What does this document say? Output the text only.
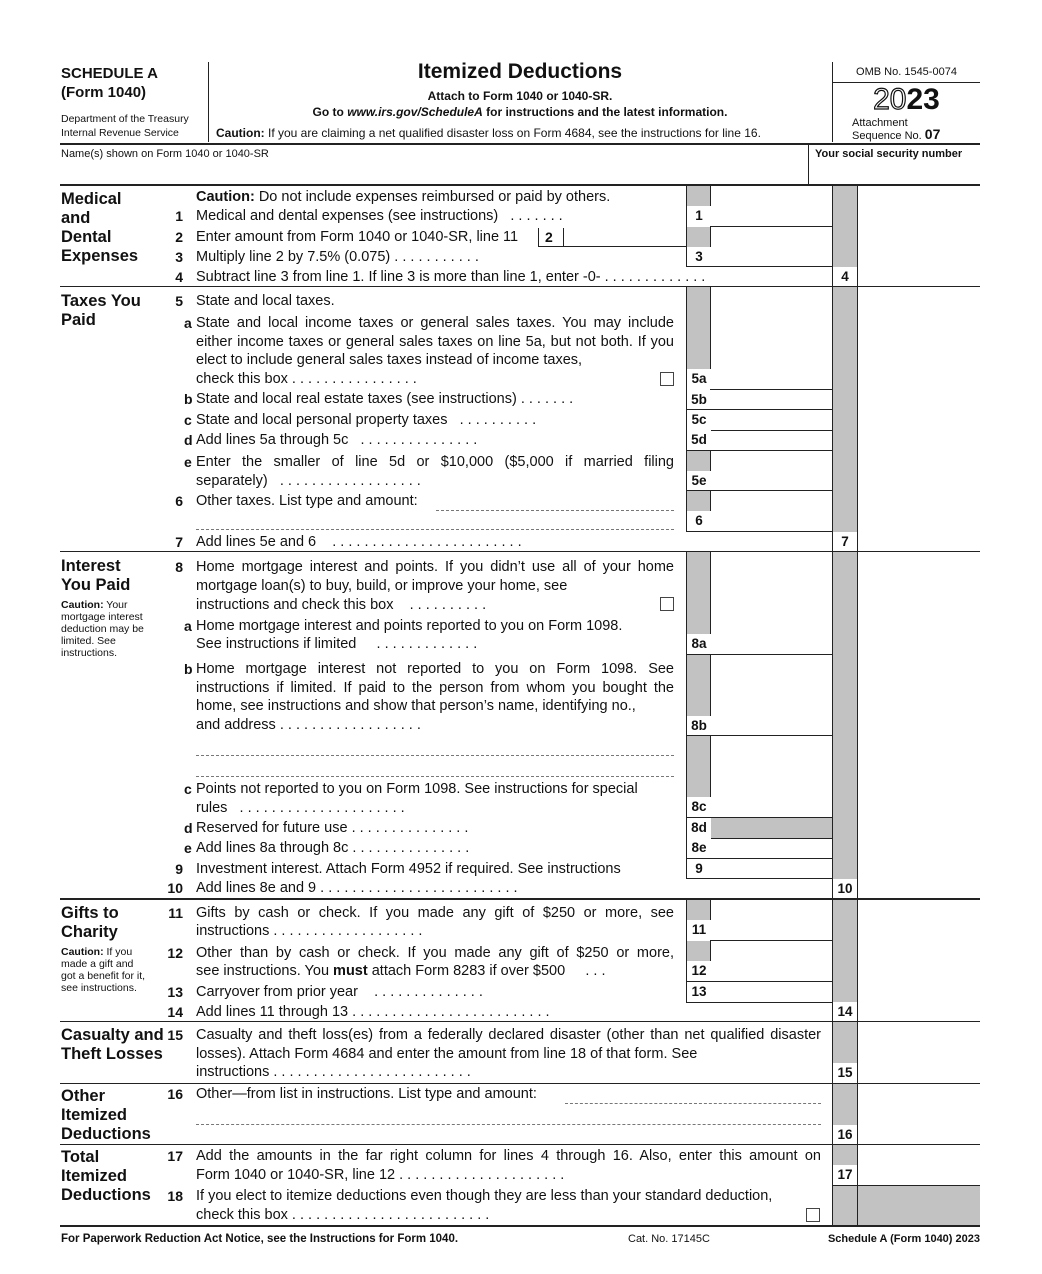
SCHEDULE A
(Form 1040)
Department of the Treasury
Internal Revenue Service
Itemized Deductions
Attach to Form 1040 or 1040-SR.
Go to www.irs.gov/ScheduleA for instructions and the latest information.
Caution: If you are claiming a net qualified disaster loss on Form 4684, see the instructions for line 16.
OMB No. 1545-0074
2023
Attachment
Sequence No. 07
Name(s) shown on Form 1040 or 1040-SR	Your social security number
Medical
and
Dental
Expenses
Caution: Do not include expenses reimbursed or paid by others.
1 Medical and dental expenses (see instructions) . . . . . . .	1
2 Enter amount from Form 1040 or 1040-SR, line 11 2
3 Multiply line 2 by 7.5% (0.075) . . . . . . . . . . .	3
4 Subtract line 3 from line 1. If line 3 is more than line 1, enter -0- . . . . . . . . . . . . .	4
Taxes You
Paid
5 State and local taxes.
a State and local income taxes or general sales taxes. You may include either income taxes or general sales taxes on line 5a, but not both. If you elect to include general sales taxes instead of income taxes,
check this box . . . . . . . . . . . . . . . .	5a
b State and local real estate taxes (see instructions) . . . . . . .	5b
c State and local personal property taxes . . . . . . . . . .	5c
d Add lines 5a through 5c . . . . . . . . . . . . . . .	5d
e Enter the smaller of line 5d or $10,000 ($5,000 if married filing
separately) . . . . . . . . . . . . . . . . . .	5e
6 Other taxes. List type and amount:
6
7 Add lines 5e and 6 . . . . . . . . . . . . . . . . . . . . . . . .	7
Interest
You Paid
Caution: Your
mortgage interest
deduction may be
limited. See
instructions.
8 Home mortgage interest and points. If you didn’t use all of your home mortgage loan(s) to buy, build, or improve your home, see
instructions and check this box . . . . . . . . . .
a Home mortgage interest and points reported to you on Form 1098.
See instructions if limited . . . . . . . . . . . . .	8a
b Home mortgage interest not reported to you on Form 1098. See instructions if limited. If paid to the person from whom you bought the home, see instructions and show that person’s name, identifying no.,
and address . . . . . . . . . . . . . . . . . .	8b
c Points not reported to you on Form 1098. See instructions for special
rules . . . . . . . . . . . . . . . . . . . . .	8c
d Reserved for future use . . . . . . . . . . . . . . .	8d
e Add lines 8a through 8c . . . . . . . . . . . . . . .	8e
9 Investment interest. Attach Form 4952 if required. See instructions	9
10 Add lines 8e and 9 . . . . . . . . . . . . . . . . . . . . . . . . .	10
Gifts to
Charity
Caution: If you
made a gift and
got a benefit for it,
see instructions.
11 Gifts by cash or check. If you made any gift of $250 or more, see
instructions . . . . . . . . . . . . . . . . . . .	11
12 Other than by cash or check. If you made any gift of $250 or more,
see instructions. You must attach Form 8283 if over $500 . . .	12
13 Carryover from prior year . . . . . . . . . . . . . .	13
14 Add lines 11 through 13 . . . . . . . . . . . . . . . . . . . . . . . . .	14
Casualty and
Theft Losses
15 Casualty and theft loss(es) from a federally declared disaster (other than net qualified disaster losses). Attach Form 4684 and enter the amount from line 18 of that form. See
instructions . . . . . . . . . . . . . . . . . . . . . . . . .	15
Other
Itemized
Deductions
16 Other—from list in instructions. List type and amount:
16
Total
Itemized
Deductions
17 Add the amounts in the far right column for lines 4 through 16. Also, enter this amount on
Form 1040 or 1040-SR, line 12 . . . . . . . . . . . . . . . . . . . . .	17
18 If you elect to itemize deductions even though they are less than your standard deduction,
check this box . . . . . . . . . . . . . . . . . . . . . . . . .
For Paperwork Reduction Act Notice, see the Instructions for Form 1040.	Cat. No. 17145C	Schedule A (Form 1040) 2023
